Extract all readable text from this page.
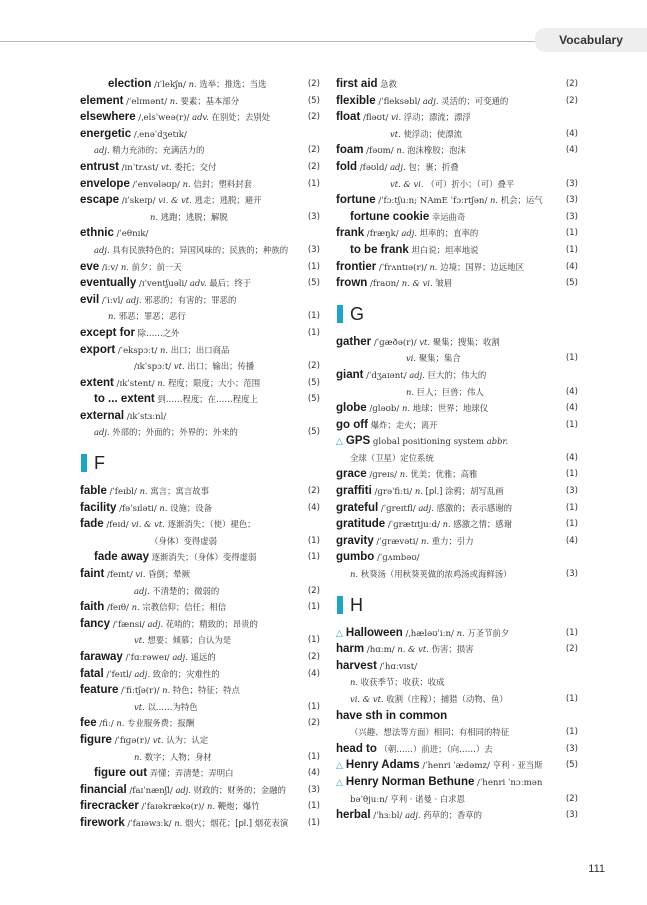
Vocabulary
election /ɪˈlekʃn/ n. 选举；推选；当选	(2)
element /ˈelɪmənt/ n. 要素；基本部分	(5)
elsewhere /ˌelsˈweə(r)/ adv. 在别处；去别处	(2)
energetic /ˌenəˈdʒetɪk/
adj. 精力充沛的；充满活力的	(2)
entrust /ɪnˈtrʌst/ vt. 委托；交付	(2)
envelope /ˈenvələʊp/ n. 信封；塑料封套	(1)
escape /ɪˈskeɪp/ vi. & vt. 逃走；逃脱；避开
n. 逃跑；逃脱；解脱	(3)
ethnic /ˈeθnɪk/
adj. 具有民族特色的；异国风味的；民族的；种族的 (3)
eve /iːv/ n. 前夕；前一天	(1)
eventually /ɪˈventʃuəli/ adv. 最后；终于	(5)
evil /ˈiːvl/ adj. 邪恶的；有害的；罪恶的
n. 邪恶；罪恶；恶行	(1)
except for 除……之外	(1)
export /ˈekspɔːt/ n. 出口；出口商品
/ɪkˈspɔːt/ vt. 出口；输出；传播	(2)
extent /ɪkˈstent/ n. 程度；限度；大小；范围	(5)
to ... extent 到……程度；在……程度上	(5)
external /ɪkˈstɜːnl/
adj. 外部的；外面的；外界的；外来的	(5)
F
fable /ˈfeɪbl/ n. 寓言；寓言故事	(2)
facility /fəˈsɪləti/ n. 设施；设备	(4)
fade /feɪd/ vi. & vt. 逐渐消失；（使）褪色；
（身体）变得虚弱	(1)
fade away 逐渐消失；（身体）变得虚弱	(1)
faint /feɪnt/ vi. 昏倒；晕厥
adj. 不清楚的；微弱的	(2)
faith /feɪθ/ n. 宗教信仰；信任；相信	(1)
fancy /ˈfænsi/ adj. 花哨的；精致的；昂贵的
vt. 想要；倾慕；自认为是	(1)
faraway /ˈfɑːrəweɪ/ adj. 遥远的	(2)
fatal /ˈfeɪtl/ adj. 致命的；灾难性的	(4)
feature /ˈfiːtʃə(r)/ n. 特色；特征；特点
vt. 以……为特色	(1)
fee /fiː/ n. 专业服务费；报酬	(2)
figure /ˈfɪɡə(r)/ vt. 认为；认定
n. 数字；人物；身材	(1)
figure out 弄懂；弄清楚；弄明白	(4)
financial /faɪˈnænʃl/ adj. 财政的；财务的；金融的	(3)
firecracker /ˈfaɪəkrækə(r)/ n. 鞭炮；爆竹	(1)
firework /ˈfaɪəwɜːk/ n. 烟火；烟花；[pl.] 烟花表演 (1)
first aid 急救	(2)
flexible /ˈfleksəbl/ adj. 灵活的；可变通的	(2)
float /fləʊt/ vi. 浮动；漂流；漂浮
vt. 使浮动；使漂流	(4)
foam /fəʊm/ n. 泡沫橡胶；泡沫	(4)
fold /fəʊld/ adj. 包；裹；折叠
vt. & vi. （可）折小；（可）叠平	(3)
fortune /ˈfɔːtʃuːn; NAmE ˈfɔːrtʃən/ n. 机会；运气	(3)
fortune cookie 幸运曲奇	(3)
frank /fræŋk/ adj. 坦率的；直率的	(1)
to be frank 坦白说；坦率地说	(1)
frontier /ˈfrʌntɪə(r)/ n. 边境；国界；边远地区	(4)
frown /fraʊn/ n. & vi. 皱眉	(5)
G
gather /ˈɡæðə(r)/ vt. 聚集；搜集；收割
vi. 聚集；集合	(1)
giant /ˈdʒaɪənt/ adj. 巨大的；伟大的
n. 巨人；巨兽；伟人	(4)
globe /ɡləʊb/ n. 地球；世界；地球仪	(4)
go off 爆炸；走火；离开	(1)
△ GPS global positioning system abbr.
全球（卫星）定位系统	(4)
grace /ɡreɪs/ n. 优美；优雅；高雅	(1)
graffiti /ɡrəˈfiːti/ n. [pl.] 涂鸦；胡写乱画	(3)
grateful /ˈɡreɪtfl/ adj. 感激的；表示感谢的	(1)
gratitude /ˈɡrætɪtjuːd/ n. 感激之情；感谢	(1)
gravity /ˈɡrævəti/ n. 重力；引力	(4)
gumbo /ˈɡʌmbəʊ/
n. 秋葵汤（用秋葵荚做的浓鸡汤或海鲜汤）	(3)
H
△ Halloween /ˌhæləʊˈiːn/ n. 万圣节前夕	(1)
harm /hɑːm/ n. & vt. 伤害；损害	(2)
harvest /ˈhɑːvɪst/
n. 收获季节；收获；收成
vi. & vt. 收割（庄稼）；捕猎（动物、鱼）	(1)
have sth in common
（兴趣、想法等方面）相同；有相同的特征	(1)
head to （朝……）前进；（向……）去	(3)
△ Henry Adams /ˈhenri ˈædəmz/ 亨利 · 亚当斯	(5)
△ Henry Norman Bethune /ˈhenri ˈnɔːmən
bəˈθjuːn/ 亨利 · 诺曼 · 白求恩	(2)
herbal /ˈhɜːbl/ adj. 药草的；香草的	(3)
111
